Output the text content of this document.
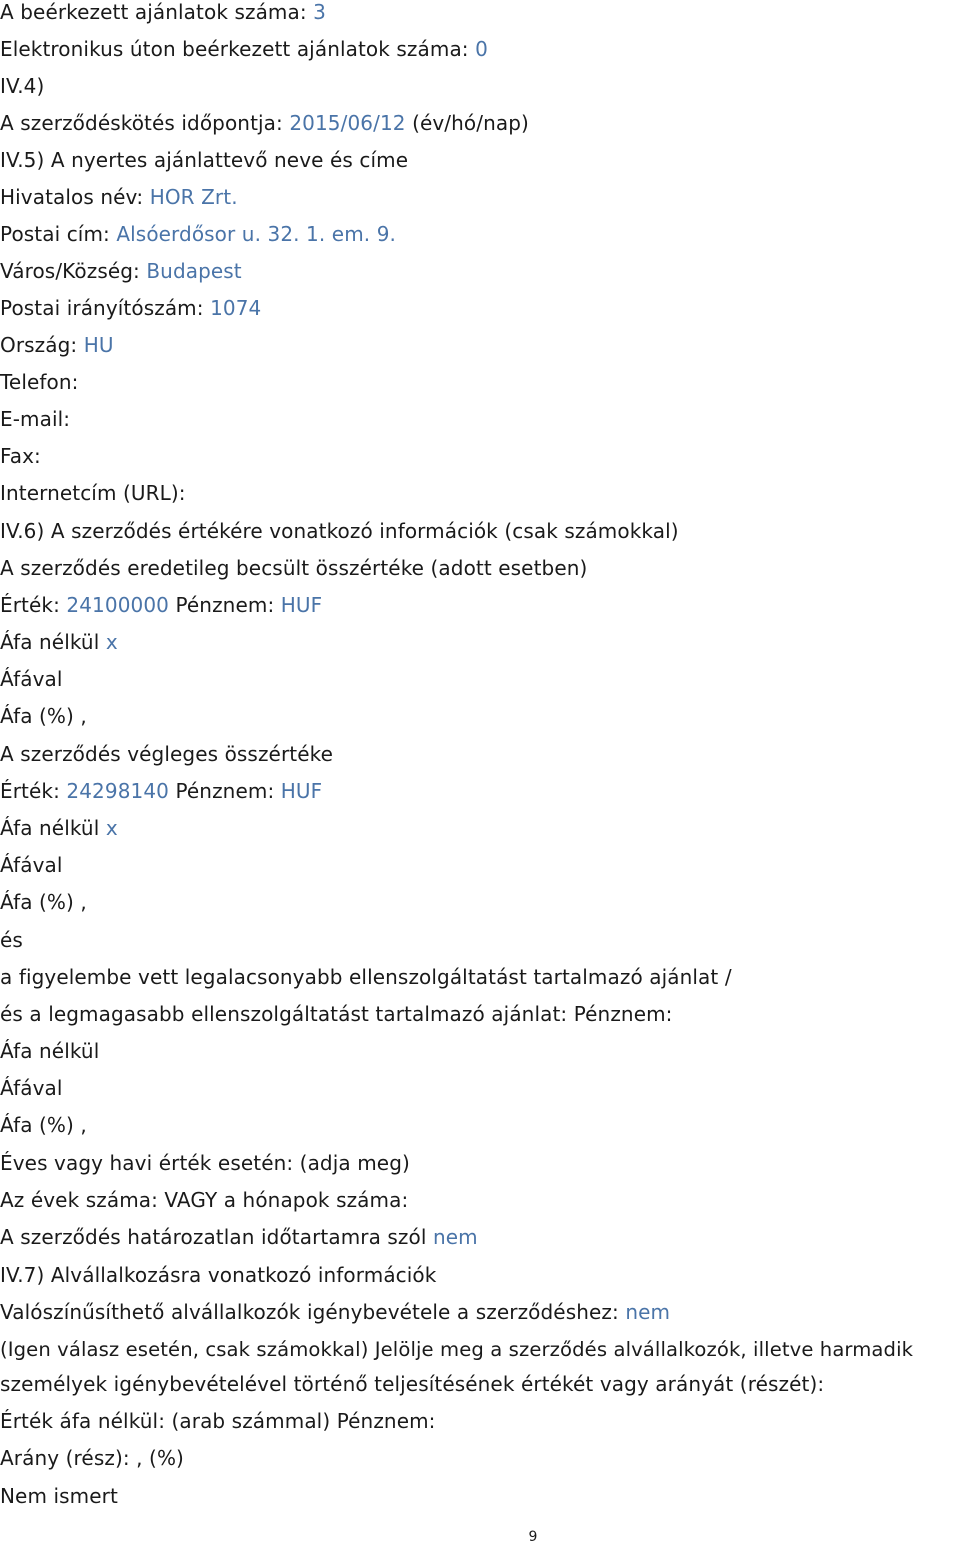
A beérkezett ajánlatok száma: 3
Elektronikus úton beérkezett ajánlatok száma: 0
IV.4)
A szerződéskötés időpontja: 2015/06/12 (év/hó/nap)
IV.5) A nyertes ajánlattevő neve és címe
Hivatalos név: HOR Zrt.
Postai cím: Alsóerdősor u. 32. 1. em. 9.
Város/Község: Budapest
Postai irányítószám: 1074
Ország: HU
Telefon:
E-mail:
Fax:
Internetcím (URL):
IV.6) A szerződés értékére vonatkozó információk (csak számokkal)
A szerződés eredetileg becsült összértéke (adott esetben)
Érték: 24100000 Pénznem: HUF
Áfa nélkül x
Áfával
Áfa (%) ,
A szerződés végleges összértéke
Érték: 24298140 Pénznem: HUF
Áfa nélkül x
Áfával
Áfa (%) ,
és
a figyelembe vett legalacsonyabb ellenszolgáltatást tartalmazó ajánlat /
és a legmagasabb ellenszolgáltatást tartalmazó ajánlat: Pénznem:
Áfa nélkül
Áfával
Áfa (%) ,
Éves vagy havi érték esetén: (adja meg)
Az évek száma: VAGY a hónapok száma:
A szerződés határozatlan időtartamra szól nem
IV.7) Alvállalkozásra vonatkozó információk
Valószínűsíthető alvállalkozók igénybevétele a szerződéshez: nem
(Igen válasz esetén, csak számokkal) Jelölje meg a szerződés alvállalkozók, illetve harmadik
személyek igénybevételével történő teljesítésének értékét vagy arányát (részét):
Érték áfa nélkül: (arab számmal) Pénznem:
Arány (rész): , (%)
Nem ismert
9
